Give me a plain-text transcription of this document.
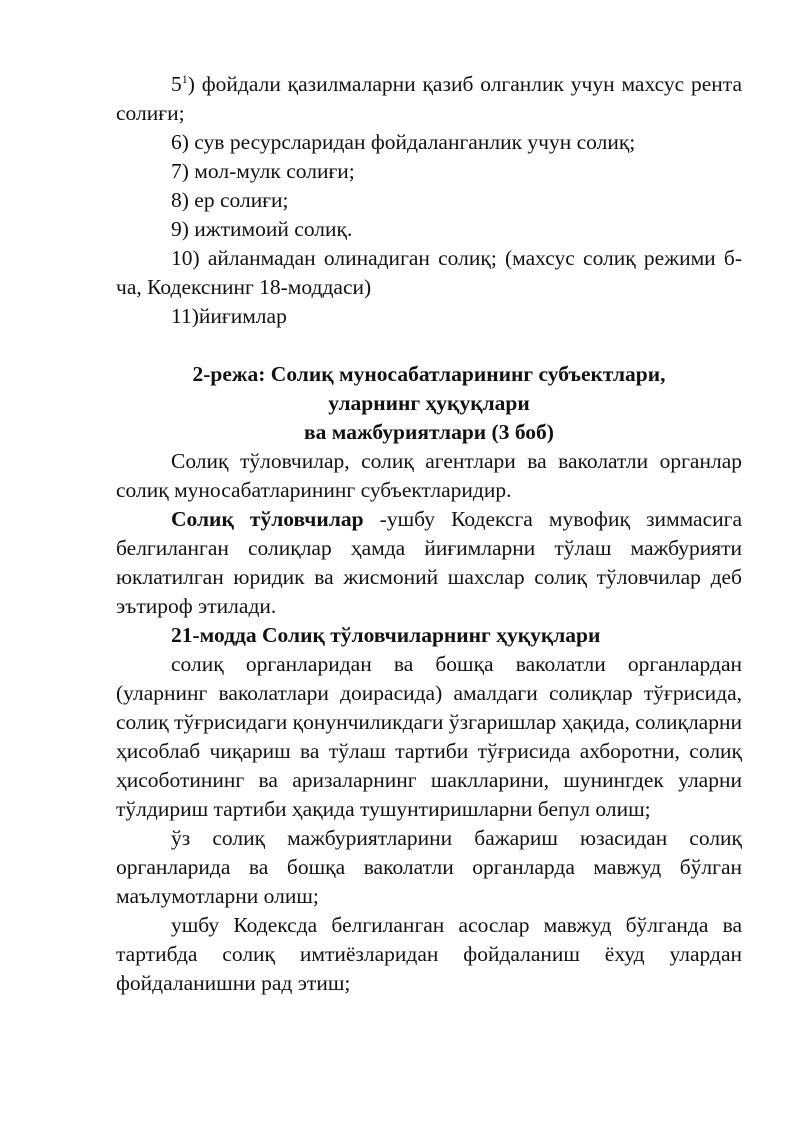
$5^1$) фойдали қазилмаларни қазиб олганлик учун махсус рента солиғи;

6) сув ресурсларидан фойдаланганлик учун солиқ;

7) мол-мулк солиғи;

8) ер солиғи;

9) ижтимоий солиқ.

10) айланмадан олинадиган солиқ; (махсус солиқ режими б-ча, Кодекснинг 18-моддаси)

11)йиғимлар

2-режа: Солиқ муносабатларининг субъектлари,

уларнинг ҳуқуқлари

ва мажбуриятлари (3 боб)

Солиқ тўловчилар, солиқ агентлари ва ваколатли органлар солиқ муносабатларининг субъектларидир.

Солиқ тўловчилар -ушбу Кодексга мувофиқ зиммасига белгиланган солиқлар ҳамда йиғимларни тўлаш мажбурияти юклатилган юридик ва жисмоний шахслар солиқ тўловчилар деб эътироф этилади.

21-модда Солиқ тўловчиларнинг ҳуқуқлари

солиқ органларидан ва бошқа ваколатли органлардан (уларнинг ваколатлари доирасида) амалдаги солиқлар тўғрисида, солиқ тўғрисидаги қонунчиликдаги ўзгаришлар ҳақида, солиқларни ҳисоблаб чиқариш ва тўлаш тартиби тўғрисида ахборотни, солиқ ҳисоботининг ва аризаларнинг шаклларини, шунингдек уларни тўлдириш тартиби ҳақида тушунтиришларни бепул олиш;

ўз солиқ мажбуриятларини бажариш юзасидан солиқ органларида ва бошқа ваколатли органларда мавжуд бўлган маълумотларни олиш;

ушбу Кодексда белгиланган асослар мавжуд бўлганда ва тартибда солиқ имтиёзларидан фойдаланиш ёхуд улардан фойдаланишни рад этиш;
